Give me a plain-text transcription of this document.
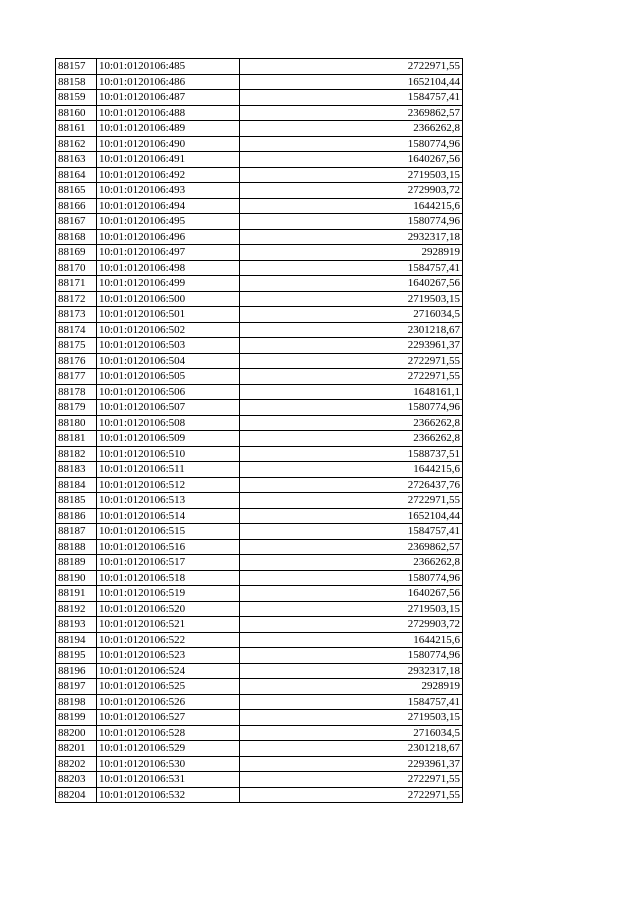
88157	10:01:0120106:485	2722971,55
88158	10:01:0120106:486	1652104,44
88159	10:01:0120106:487	1584757,41
88160	10:01:0120106:488	2369862,57
88161	10:01:0120106:489	2366262,8
88162	10:01:0120106:490	1580774,96
88163	10:01:0120106:491	1640267,56
88164	10:01:0120106:492	2719503,15
88165	10:01:0120106:493	2729903,72
88166	10:01:0120106:494	1644215,6
88167	10:01:0120106:495	1580774,96
88168	10:01:0120106:496	2932317,18
88169	10:01:0120106:497	2928919
88170	10:01:0120106:498	1584757,41
88171	10:01:0120106:499	1640267,56
88172	10:01:0120106:500	2719503,15
88173	10:01:0120106:501	2716034,5
88174	10:01:0120106:502	2301218,67
88175	10:01:0120106:503	2293961,37
88176	10:01:0120106:504	2722971,55
88177	10:01:0120106:505	2722971,55
88178	10:01:0120106:506	1648161,1
88179	10:01:0120106:507	1580774,96
88180	10:01:0120106:508	2366262,8
88181	10:01:0120106:509	2366262,8
88182	10:01:0120106:510	1588737,51
88183	10:01:0120106:511	1644215,6
88184	10:01:0120106:512	2726437,76
88185	10:01:0120106:513	2722971,55
88186	10:01:0120106:514	1652104,44
88187	10:01:0120106:515	1584757,41
88188	10:01:0120106:516	2369862,57
88189	10:01:0120106:517	2366262,8
88190	10:01:0120106:518	1580774,96
88191	10:01:0120106:519	1640267,56
88192	10:01:0120106:520	2719503,15
88193	10:01:0120106:521	2729903,72
88194	10:01:0120106:522	1644215,6
88195	10:01:0120106:523	1580774,96
88196	10:01:0120106:524	2932317,18
88197	10:01:0120106:525	2928919
88198	10:01:0120106:526	1584757,41
88199	10:01:0120106:527	2719503,15
88200	10:01:0120106:528	2716034,5
88201	10:01:0120106:529	2301218,67
88202	10:01:0120106:530	2293961,37
88203	10:01:0120106:531	2722971,55
88204	10:01:0120106:532	2722971,55
